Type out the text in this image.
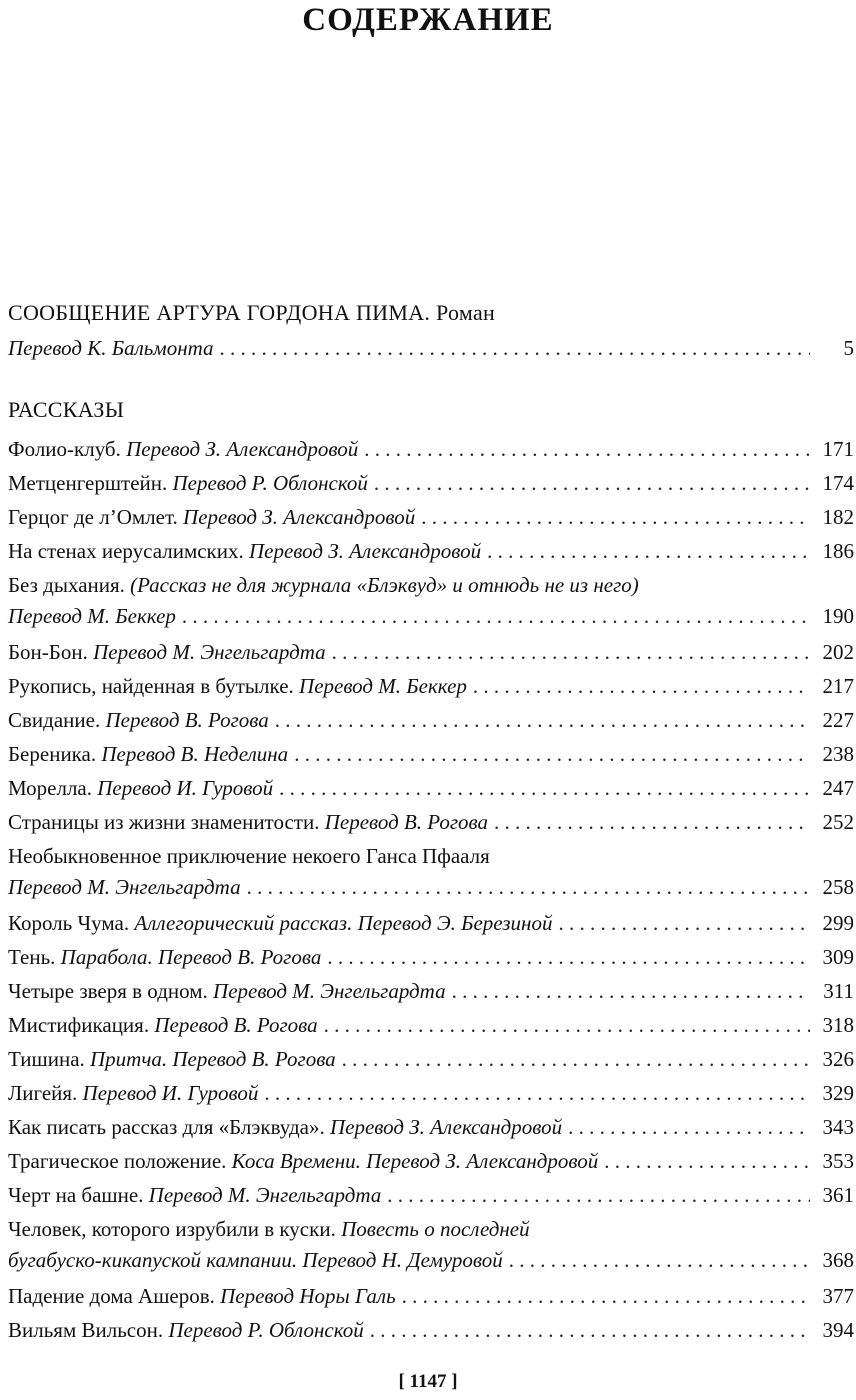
СОДЕРЖАНИЕ
СООБЩЕНИЕ АРТУРА ГОРДОНА ПИМА. Роман
Перевод К. Бальмонта . . .	5
РАССКАЗЫ
Фолио-клуб.
Перевод З. Александровой . . .	171
Метценгерштейн.
Перевод Р. Облонской . . .	174
Герцог де л’Омлет.
Перевод З. Александровой . . .	182
На стенах иерусалимских.
Перевод З. Александровой . . .	186
Без дыхания.
(Рассказ не для журнала «Блэквуд» и отнюдь не из него)
Перевод М. Беккер . . .	190
Бон-Бон.
Перевод М. Энгельгардта . . .	202
Рукопись, найденная в бутылке.
Перевод М. Беккер . . .	217
Свидание.
Перевод В. Рогова . . .	227
Береника.
Перевод В. Неделина . . .	238
Морелла.
Перевод И. Гуровой . . .	247
Страницы из жизни знаменитости.
Перевод В. Рогова . . .	252
Необыкновенное приключение некоего Ганса Пфааля
Перевод М. Энгельгардта . . .	258
Король Чума.
Аллегорический рассказ. Перевод Э. Березиной . . .	299
Тень.
Парабола. Перевод В. Рогова . . .	309
Четыре зверя в одном.
Перевод М. Энгельгардта . . .	311
Мистификация.
Перевод В. Рогова . . .	318
Тишина.
Притча. Перевод В. Рогова . . .	326
Лигейя.
Перевод И. Гуровой . . .	329
Как писать рассказ для «Блэквуда».
Перевод З. Александровой . . .	343
Трагическое положение.
Коса Времени. Перевод З. Александровой . . .	353
Черт на башне.
Перевод М. Энгельгардта . . .	361
Человек, которого изрубили в куски.
Повесть о последней
бугабуско-кикапуской кампании. Перевод Н. Демуровой . . .	368
Падение дома Ашеров.
Перевод Норы Галь . . .	377
Вильям Вильсон.
Перевод Р. Облонской . . .	394
[ 1147 ]
